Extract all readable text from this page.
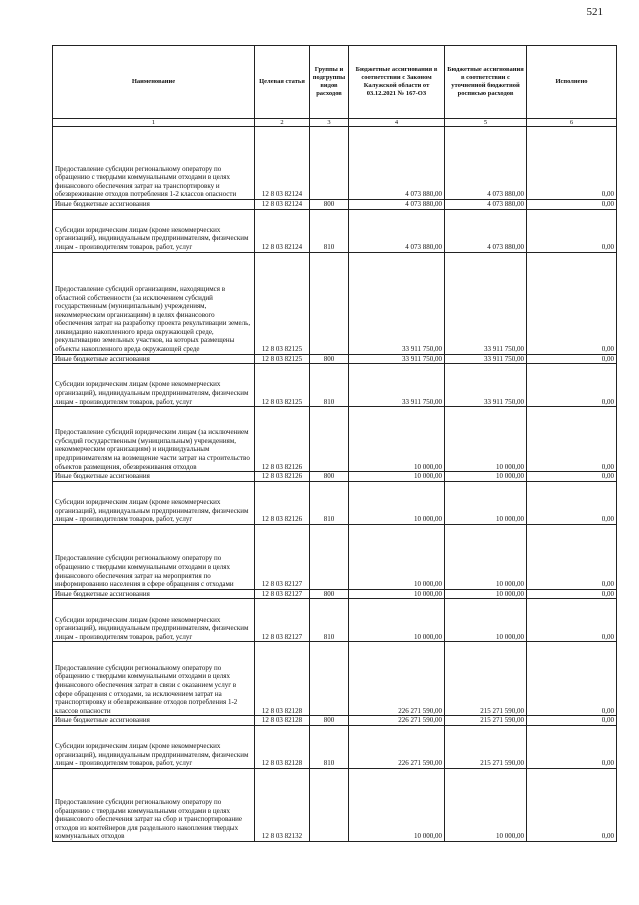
521
Наименование	Целевая статья	Группы и подгруппы видов расходов	Бюджетные ассигнования в соответствии с Законом Калужской области от 03.12.2021 № 167-ОЗ	Бюджетные ассигнования в соответствии с уточненной бюджетной росписью расходов	Исполнено
1	2	3	4	5	6
Предоставление субсидии региональному оператору по обращению с твердыми коммунальными отходами в целях финансового обеспечения затрат на транспортировку и обезвреживание отходов потребления 1-2 классов опасности	12 8 03 82124		4 073 880,00	4 073 880,00	0,00
Иные бюджетные ассигнования	12 8 03 82124	800	4 073 880,00	4 073 880,00	0,00
Субсидии юридическим лицам (кроме некоммерческих организаций), индивидуальным предпринимателям, физическим лицам - производителям товаров, работ, услуг	12 8 03 82124	810	4 073 880,00	4 073 880,00	0,00
Предоставление субсидий организациям, находящимся в областной собственности (за исключением субсидий государственным (муниципальным) учреждениям, некоммерческим организациям) в целях финансового обеспечения затрат на разработку проекта рекультивации земель, ликвидацию накопленного вреда окружающей среде, рекультивацию земельных участков, на которых размещены объекты накопленного вреда окружающей среде	12 8 03 82125		33 911 750,00	33 911 750,00	0,00
Иные бюджетные ассигнования	12 8 03 82125	800	33 911 750,00	33 911 750,00	0,00
Субсидии юридическим лицам (кроме некоммерческих организаций), индивидуальным предпринимателям, физическим лицам - производителям товаров, работ, услуг	12 8 03 82125	810	33 911 750,00	33 911 750,00	0,00
Предоставление субсидий юридическим лицам (за исключением субсидий государственным (муниципальным) учреждениям, некоммерческим организациям) и индивидуальным предпринимателям на возмещение части затрат на строительство объектов размещения, обезвреживания отходов	12 8 03 82126		10 000,00	10 000,00	0,00
Иные бюджетные ассигнования	12 8 03 82126	800	10 000,00	10 000,00	0,00
Субсидии юридическим лицам (кроме некоммерческих организаций), индивидуальным предпринимателям, физическим лицам - производителям товаров, работ, услуг	12 8 03 82126	810	10 000,00	10 000,00	0,00
Предоставление субсидии региональному оператору по обращению с твердыми коммунальными отходами в целях финансового обеспечения затрат на мероприятия по информированию населения в сфере обращения с отходами	12 8 03 82127		10 000,00	10 000,00	0,00
Иные бюджетные ассигнования	12 8 03 82127	800	10 000,00	10 000,00	0,00
Субсидии юридическим лицам (кроме некоммерческих организаций), индивидуальным предпринимателям, физическим лицам - производителям товаров, работ, услуг	12 8 03 82127	810	10 000,00	10 000,00	0,00
Предоставление субсидии региональному оператору по обращению с твердыми коммунальными отходами в целях финансового обеспечения затрат в связи с оказанием услуг в сфере обращения с отходами, за исключением затрат на транспортировку и обезвреживание отходов потребления 1-2 классов опасности	12 8 03 82128		226 271 590,00	215 271 590,00	0,00
Иные бюджетные ассигнования	12 8 03 82128	800	226 271 590,00	215 271 590,00	0,00
Субсидии юридическим лицам (кроме некоммерческих организаций), индивидуальным предпринимателям, физическим лицам - производителям товаров, работ, услуг	12 8 03 82128	810	226 271 590,00	215 271 590,00	0,00
Предоставление субсидии региональному оператору по обращению с твердыми коммунальными отходами в целях финансового обеспечения затрат на сбор и транспортирование отходов из контейнеров для раздельного накопления твердых коммунальных отходов	12 8 03 82132		10 000,00	10 000,00	0,00
